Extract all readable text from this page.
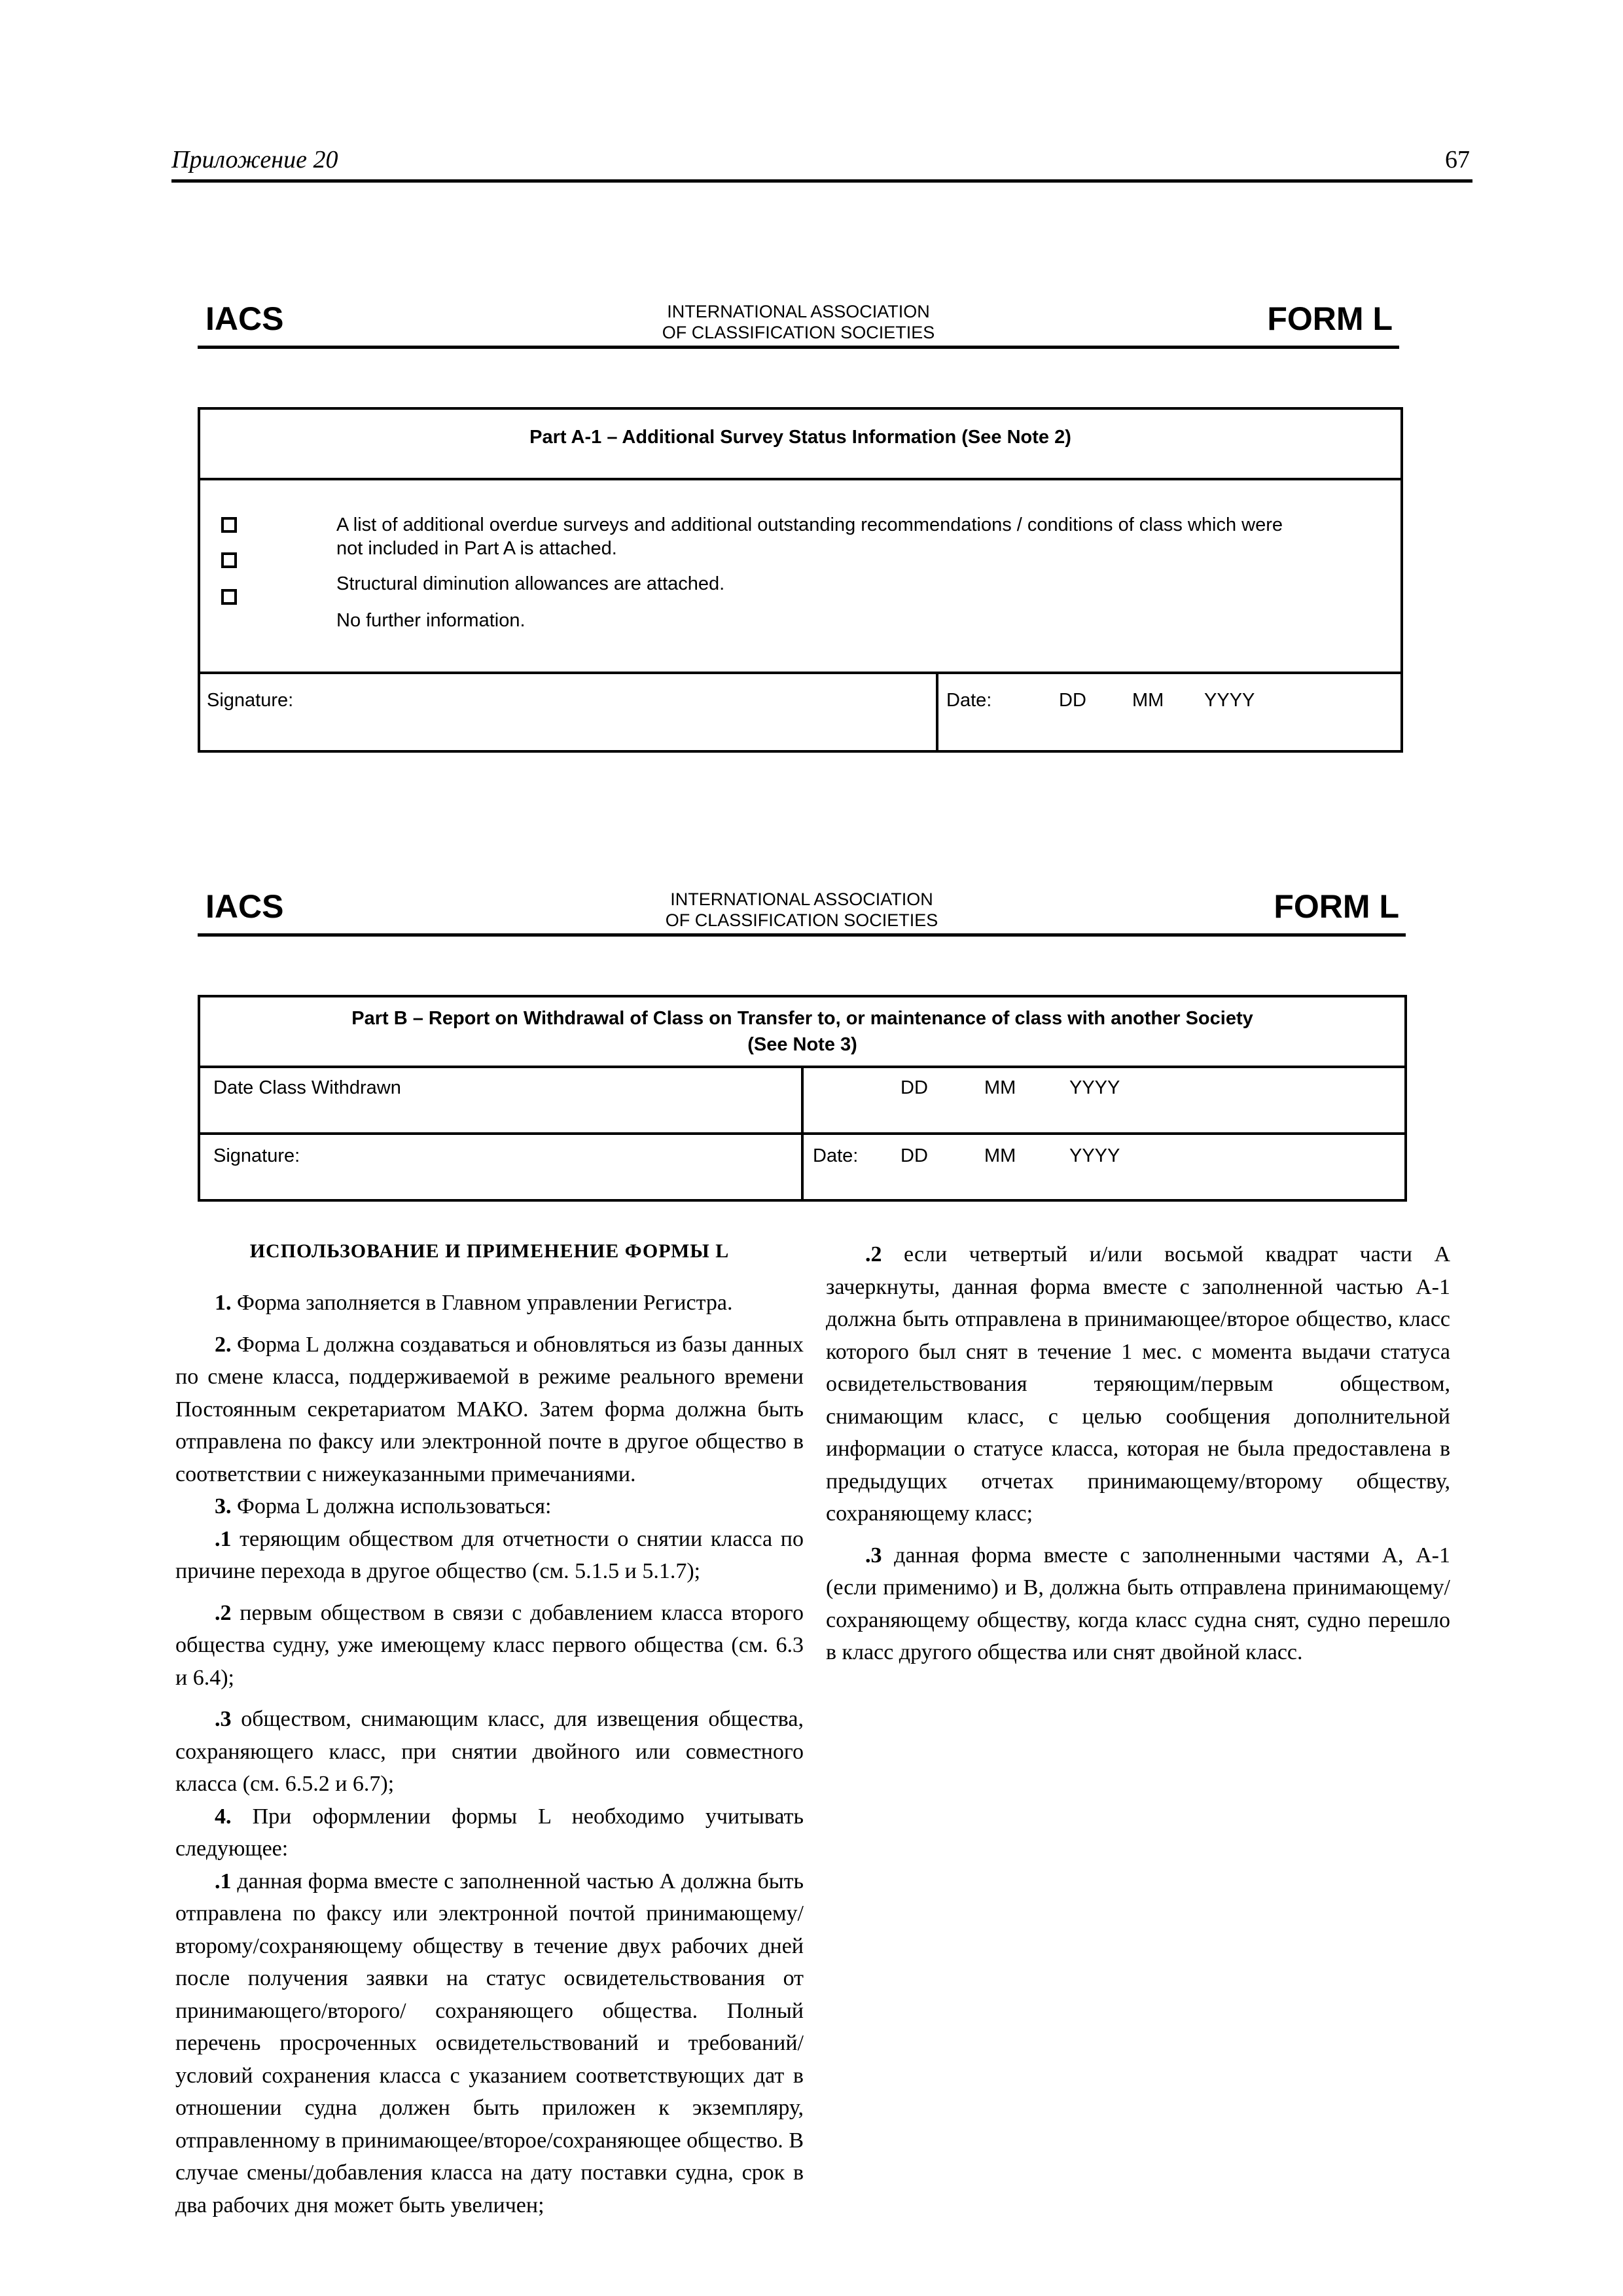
Приложение 20	67
IACS	INTERNATIONAL ASSOCIATION
OF CLASSIFICATION SOCIETIES	FORM L
Part A-1 – Additional Survey Status Information (See Note 2)
A list of additional overdue surveys and additional outstanding recommendations / conditions of class which were
not included in Part A is attached.
Structural diminution allowances are attached.
No further information.
Signature:	Date:	DD MM YYYY
IACS	INTERNATIONAL ASSOCIATION
OF CLASSIFICATION SOCIETIES	FORM L
Part B – Report on Withdrawal of Class on Transfer to, or maintenance of class with another Society
(See Note 3)
Date Class Withdrawn	DD	MM	YYYY
Signature:	Date: DD	MM	YYYY
ИСПОЛЬЗОВАНИЕ И ПРИМЕНЕНИЕ ФОРМЫ L

1. Форма заполняется в Главном управлении Регистра.

2. Форма L должна создаваться и обновляться из базы данных по смене класса, поддерживаемой в режиме реального времени Постоянным секретариатом МАКО. Затем форма должна быть отправлена по факсу или электронной почте в другое общество в соответствии с нижеуказанными примечаниями.

3. Форма L должна использоваться:

.1 теряющим обществом для отчетности о снятии класса по причине перехода в другое общество (см. 5.1.5 и 5.1.7);

.2 первым обществом в связи с добавлением класса второго общества судну, уже имеющему класс первого общества (см. 6.3 и 6.4);

.3 обществом, снимающим класс, для извещения общества, сохраняющего класс, при снятии двойного или совместного класса (см. 6.5.2 и 6.7);

4. При оформлении формы L необходимо учитывать следующее:

.1 данная форма вместе с заполненной частью А должна быть отправлена по факсу или электронной почтой принимающему/второму/сохраняющему обществу в течение двух рабочих дней после получения заявки на статус освидетельствования от принимающего/второго/ сохраняющего общества. Полный перечень просроченных освидетельствований и требований/условий сохранения класса с указанием соответствующих дат в отношении судна должен быть приложен к экземпляру, отправленному в принимающее/второе/сохраняющее общество. В случае смены/добавления класса на дату поставки судна, срок в два рабочих дня может быть увеличен;

.2 если четвертый и/или восьмой квадрат части А зачеркнуты, данная форма вместе с заполненной частью А-1 должна быть отправлена в принимающее/второе общество, класс которого был снят в течение 1 мес. с момента выдачи статуса освидетельствования теряющим/первым обществом, снимающим класс, с целью сообщения дополнительной информации о статусе класса, которая не была предоставлена в предыдущих отчетах принимающему/второму обществу, сохраняющему класс;

.3 данная форма вместе с заполненными частями А, А-1 (если применимо) и В, должна быть отправлена принимающему/сохраняющему обществу, когда класс судна снят, судно перешло в класс другого общества или снят двойной класс.
